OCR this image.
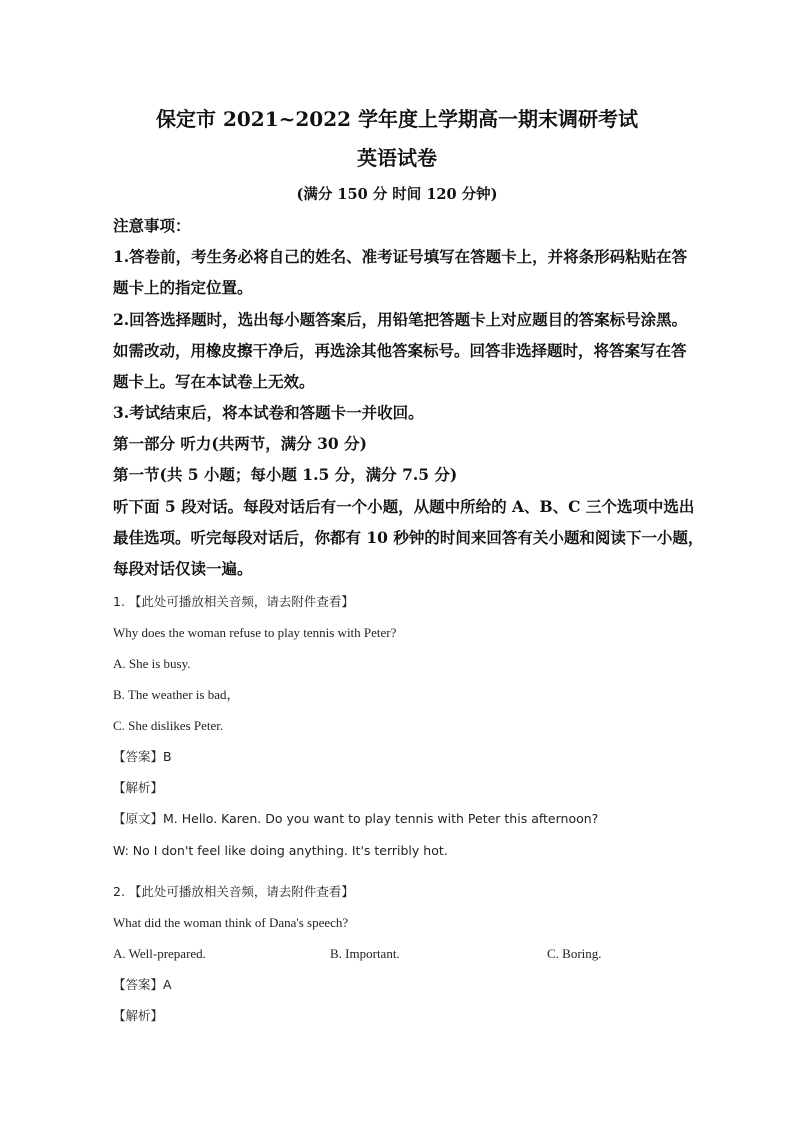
保定市 2021~2022 学年度上学期高一期末调研考试
英语试卷
(满分 150 分 时间 120 分钟)
注意事项：
1.答卷前，考生务必将自己的姓名、准考证号填写在答题卡上，并将条形码粘贴在答
题卡上的指定位置。
2.回答选择题时，选出每小题答案后，用铅笔把答题卡上对应题目的答案标号涂黑。
如需改动，用橡皮擦干净后，再选涂其他答案标号。回答非选择题时，将答案写在答
题卡上。写在本试卷上无效。
3.考试结束后，将本试卷和答题卡一并收回。
第一部分 听力(共两节，满分 30 分)
第一节(共 5 小题；每小题 1.5 分，满分 7.5 分)
听下面 5 段对话。每段对话后有一个小题，从题中所给的 A、B、C 三个选项中选出
最佳选项。听完每段对话后，你都有 10 秒钟的时间来回答有关小题和阅读下一小题，
每段对话仅读一遍。
1. 【此处可播放相关音频，请去附件查看】
Why does the woman refuse to play tennis with Peter?
A. She is busy.
B. The weather is bad，
C. She dislikes Peter.
【答案】B
【解析】
【原文】M. Hello. Karen. Do you want to play tennis with Peter this afternoon?
W: No I don't feel like doing anything. It's terribly hot.
2. 【此处可播放相关音频，请去附件查看】
What did the woman think of Dana's speech?
A. Well-prepared.	B. Important.	C. Boring.
【答案】A
【解析】
